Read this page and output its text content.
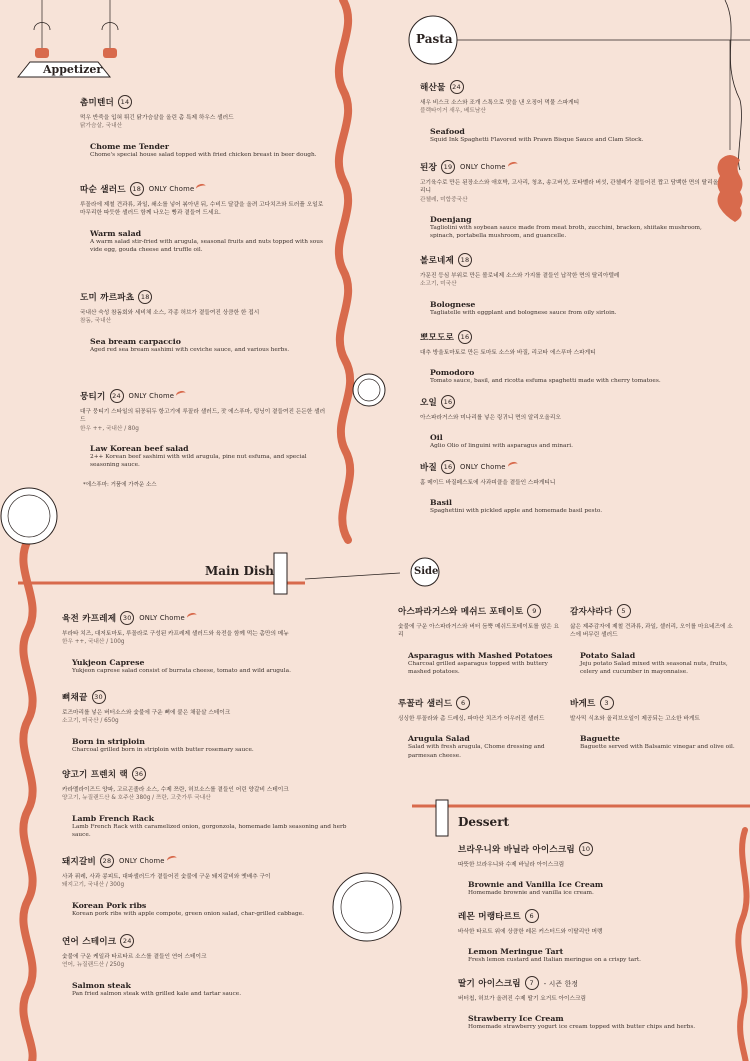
Appetizer
Pasta
Main Dish	Side
Dessert
촘미텐더	14
먹우 반죽을 입혀 튀긴 닭가슴살을 올린 촘 특제 하우스 샐러드
닭가슴살, 국내산
Chome me Tender
Chome's special house salad topped with fried chicken breast in beer dough.
따순 샐러드	18	ONLY Chome
루꼴라에 제철 견과류, 과일, 쇄소를 넣어 볶아낸 뒤, 수비드 달걀을 올려 고다치즈와 트러플 오일로 마무리한 따듯한 샐러드 함께 나오는 빵과 곁들여 드세요.
Warm salad
A warm salad stir-fried with arugula, seasonal fruits and nuts topped with sous vide egg, gouda cheese and truffle oil.
도미 까르파쵸	18
국내산 숙성 참돔회와 세비체 소스, 각종 허브가 곁들여진 상큼한 한 접시
참돔, 국내산
Sea bream carpaccio
Aged red sea bream sashimi with ceviche sauce, and various herbs.
뭉티기	24	ONLY Chome
대구 뭉티기 스타일의 뒤꽁뒤두 항고기에 루꼴라 샐러드, 잣 에스푸마, 텅닝이 곁들여진 든든한 샐러드
한우 ++, 국내산 / 80g
Law Korean beef salad
2++ Korean beef sashimi with wild arugula, pine nut esfuma, and special seasoning sauce.
해산물	24
새우 비스크 소스와 조개 스톡으로 맛을 낸 오징어 먹물 스파게티
블랙타이거 새우, 베트남산
Seafood
Squid Ink Spaghetti Flavored with Prawn Bisque Sauce and Clam Stock.
된장	19	ONLY Chome
고기육수로 만든 된장소스와 애호박, 고사리, 청초, 송고버섯, 포타벨라 버섯, 관첼레가 곁들어진 짭고 담백한 면의 탈리올리니
관첼레, 미합중국산
Doenjang
Tagliolini with soybean sauce made from meat broth, zucchini, bracken, shiitake mushroom, spinach, portabella mushroom, and guancelle.
볼로네제	18
가문진 등심 부위로 만든 볼로네제 소스와 가지를 곁들인 납작한 면의 탈리아텔레
소고기, 미국산
Bolognese
Tagliatelle with eggplant and bolognese sauce from oily sirloin.
뽀모도로	16
대추 방울토마토로 만든 토마토 소스와 바질, 리코타 에스푸마 스파게티
Pomodoro
Tomato sauce, basil, and ricotta esfuma spaghetti made with cherry tomatoes.
오일	16
아스파라거스와 미나리를 넣은 링귀니 면의 알리오올리오
Oil
Aglio Olio of linguini with asparagus and minari.
바질	16	ONLY Chome
홈 메이드 바질페스토에 사과피클을 곁들인 스파게티니
Basil
Spaghettini with pickled apple and homemade basil pesto.
육전 카프레제	30	ONLY Chome
부라타 치즈, 대저토마토, 루꼴라로 구성된 카프레제 샐러드와 육전을 함께 먹는 촘만의 메뉴
한우 ++, 국내산 / 100g
Yukjeon Caprese
Yukjeon caprese salad consist of burrata cheese, tomato and wild arugula.
뼈채끝	30
로즈마리를 넣은 버터소스와 숯불에 구운 뼈에 붙은 채끝살 스테이크
소고기, 미국산 / 650g
Born in striploin
Charcoal grilled born in striploin with butter rosemary sauce.
양고기 프렌치 랙	36
카라멜라이즈드 양파, 고르곤졸라 소스, 수제 쯔란, 허브소스를 곁들인 어린 양갈비 스테이크
양고기, 뉴질랜드산 & 호주산 380g / 쯔란, 고춧가루 국내산
Lamb French Rack
Lamb French Rack with caramelized onion, gorgonzola, homemade lamb seasoning and herb sauce.
돼지갈비	28	ONLY Chome
사과 퓌레, 사과 콩피트, 대파샐러드가 곁들어진 숯불에 구운 돼지갈비와 옛배추 구이
돼지고기, 국내산 / 300g
Korean Pork ribs
Korean pork ribs with apple compote, green onion salad, char-grilled cabbage.
연어 스테이크	24
숯불에 구운 케일과 타르타르 소스를 곁들인 연어 스테이크
연어, 뉴질랜드산 / 250g
Salmon steak
Pan fried salmon steak with grilled kale and tartar sauce.
아스파라거스와 메쉬드 포테이토	9
숯불에 구운 아스파라거스와 버터 듬뿍 메쉬드포테이토를 얹은 요리
Asparagus with Mashed Potatoes
Charcoal grilled asparagus topped with buttery mashed potatoes.
감자샤라다	5
삶은 제주감자에 제철 견과류, 과일, 셀러리, 오이를 마요네즈에 소스에 버무린 샐러드
Potato Salad
Jeju potato Salad mixed with seasonal nuts, fruits, celery and cucumber in mayonnaise.
루꼴라 샐러드	6
싱싱한 루꼴라와 촘 드레싱, 파마산 치즈가 어우러진 샐러드
Arugula Salad
Salad with fresh arugula, Chome dressing and parmesan cheese.
바게트	3
발사믹 식초와 올리브오일이 제공되는 고소한 바게트
Baguette
Baguette served with Balsamic vinegar and olive oil.
브라우니와 바닐라 아이스크림	10
따뜻한 브라우니와 수제 바닐라 아이스크림
Brownie and Vanilla Ice Cream
Homemade brownie and vanilla ice cream.
레몬 머랭타르트	6
바삭한 타르트 위에 상큼한 레몬 커스터드와 이탈리안 머랭
Lemon Meringue Tart
Fresh lemon custard and Italian meringue on a crispy tart.
딸기 아이스크림	7	- 시즌 한정
버터칩, 허브가 올려진 수제 딸기 요거트 아이스크림
Strawberry Ice Cream
Homemade strawberry yogurt ice cream topped with butter chips and herbs.
*에스푸마: 거품에 가까운 소스
